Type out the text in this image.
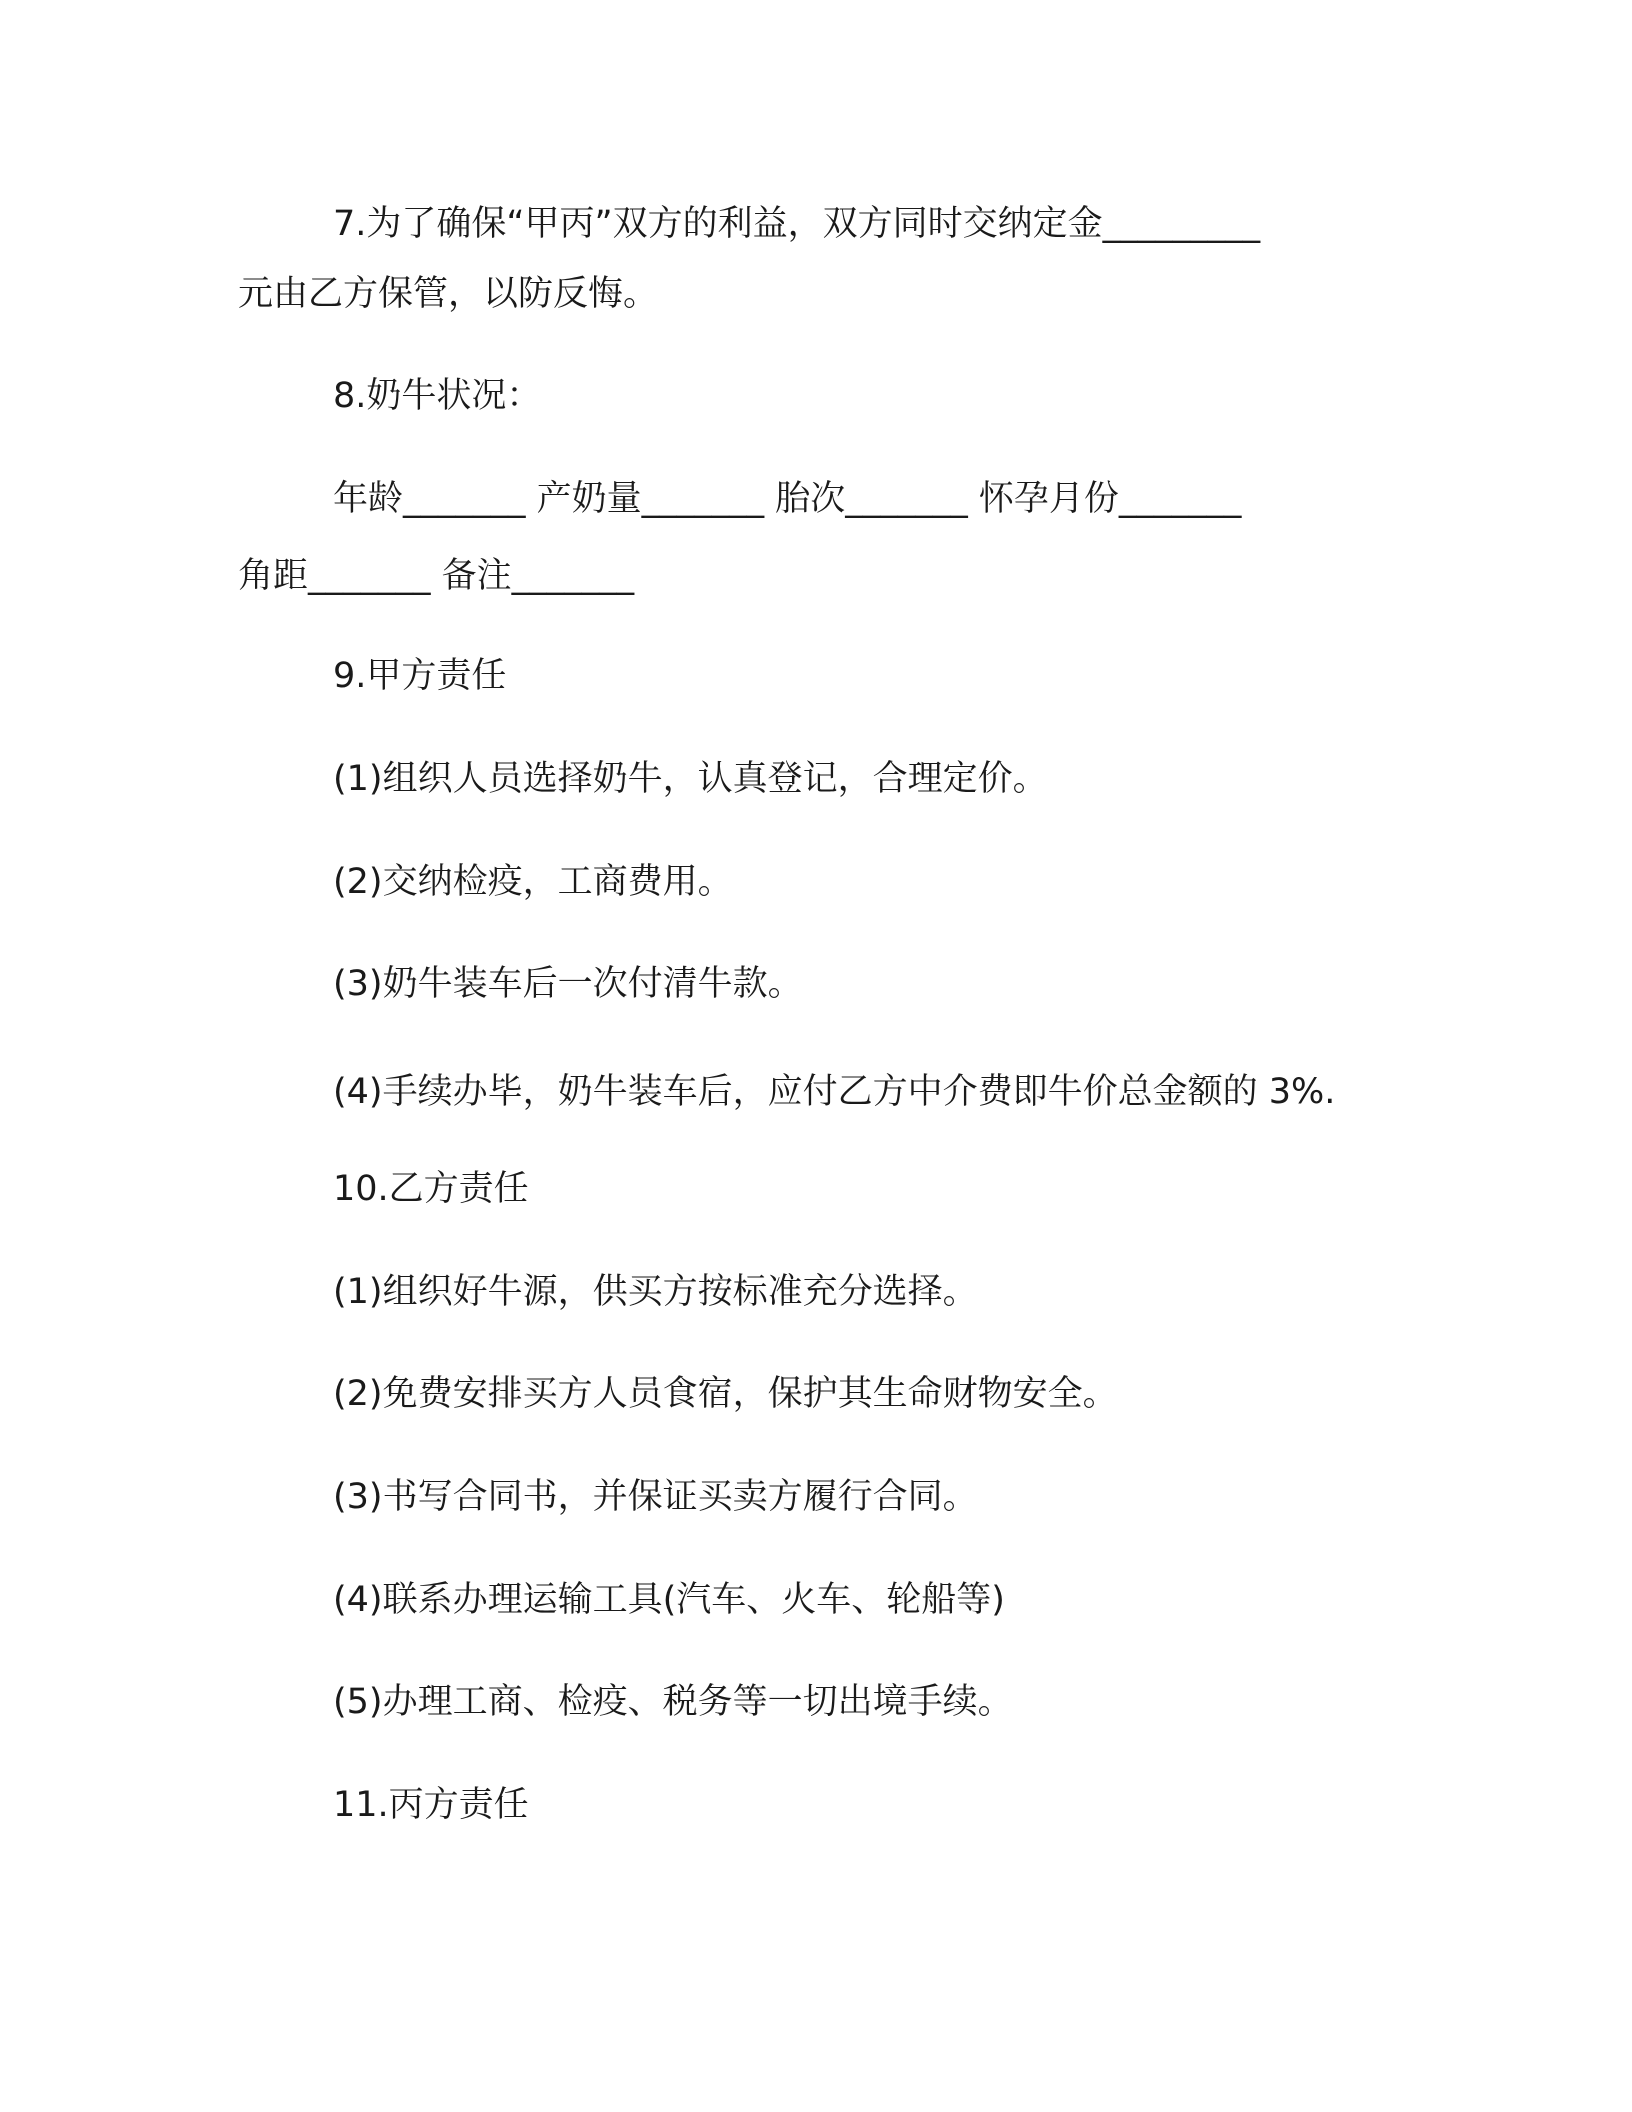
7.为了确保“甲丙”双方的利益，双方同时交纳定金_________
元由乙方保管，以防反悔。
8.奶牛状况：
年龄_______ 产奶量_______ 胎次_______ 怀孕月份_______
角距_______ 备注_______
9.甲方责任
(1)组织人员选择奶牛，认真登记，合理定价。
(2)交纳检疫，工商费用。
(3)奶牛装车后一次付清牛款。
(4)手续办毕，奶牛装车后，应付乙方中介费即牛价总金额的 3%.
10.乙方责任
(1)组织好牛源，供买方按标准充分选择。
(2)免费安排买方人员食宿，保护其生命财物安全。
(3)书写合同书，并保证买卖方履行合同。
(4)联系办理运输工具(汽车、火车、轮船等)
(5)办理工商、检疫、税务等一切出境手续。
11.丙方责任
